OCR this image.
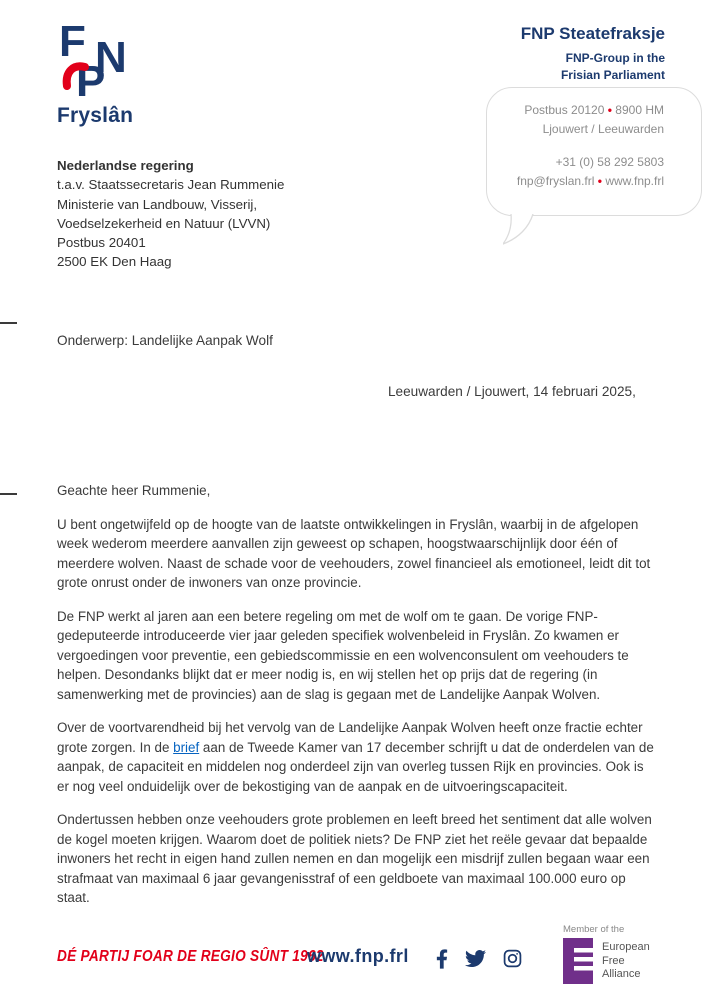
F N
P
Fryslân
FNP Steatefraksje
FNP-Group in the
Frisian Parliament
Postbus 20120 • 8900 HM
Ljouwert / Leeuwarden
+31 (0) 58 292 5803
fnp@fryslan.frl • www.fnp.frl
Nederlandse regering
t.a.v. Staatssecretaris Jean Rummenie
Ministerie van Landbouw, Visserij,
Voedselzekerheid en Natuur (LVVN)
Postbus 20401
2500 EK Den Haag
Onderwerp: Landelijke Aanpak Wolf
Leeuwarden / Ljouwert, 14 februari 2025,

Geachte heer Rummenie,

U bent ongetwijfeld op de hoogte van de laatste ontwikkelingen in Fryslân, waarbij in de afgelopen week wederom meerdere aanvallen zijn geweest op schapen, hoogstwaarschijnlijk door één of meerdere wolven. Naast de schade voor de veehouders, zowel financieel als emotioneel, leidt dit tot grote onrust onder de inwoners van onze provincie.

De FNP werkt al jaren aan een betere regeling om met de wolf om te gaan. De vorige FNP-gedeputeerde introduceerde vier jaar geleden specifiek wolvenbeleid in Fryslân. Zo kwamen er vergoedingen voor preventie, een gebiedscommissie en een wolvenconsulent om veehouders te helpen. Desondanks blijkt dat er meer nodig is, en wij stellen het op prijs dat de regering (in samenwerking met de provincies) aan de slag is gegaan met de Landelijke Aanpak Wolven.

Over de voortvarendheid bij het vervolg van de Landelijke Aanpak Wolven heeft onze fractie echter grote zorgen. In de brief aan de Tweede Kamer van 17 december schrijft u dat de onderdelen van de aanpak, de capaciteit en middelen nog onderdeel zijn van overleg tussen Rijk en provincies. Ook is er nog veel onduidelijk over de bekostiging van de aanpak en de uitvoeringscapaciteit.

Ondertussen hebben onze veehouders grote problemen en leeft breed het sentiment dat alle wolven de kogel moeten krijgen. Waarom doet de politiek niets? De FNP ziet het reële gevaar dat bepaalde inwoners het recht in eigen hand zullen nemen en dan mogelijk een misdrijf zullen begaan waar een strafmaat van maximaal 6 jaar gevangenisstraf of een geldboete van maximaal 100.000 euro op staat.

DÉ PARTIJ FOAR DE REGIO SÛNT 1962
www.fnp.frl
Member of the
European
Free
Alliance
